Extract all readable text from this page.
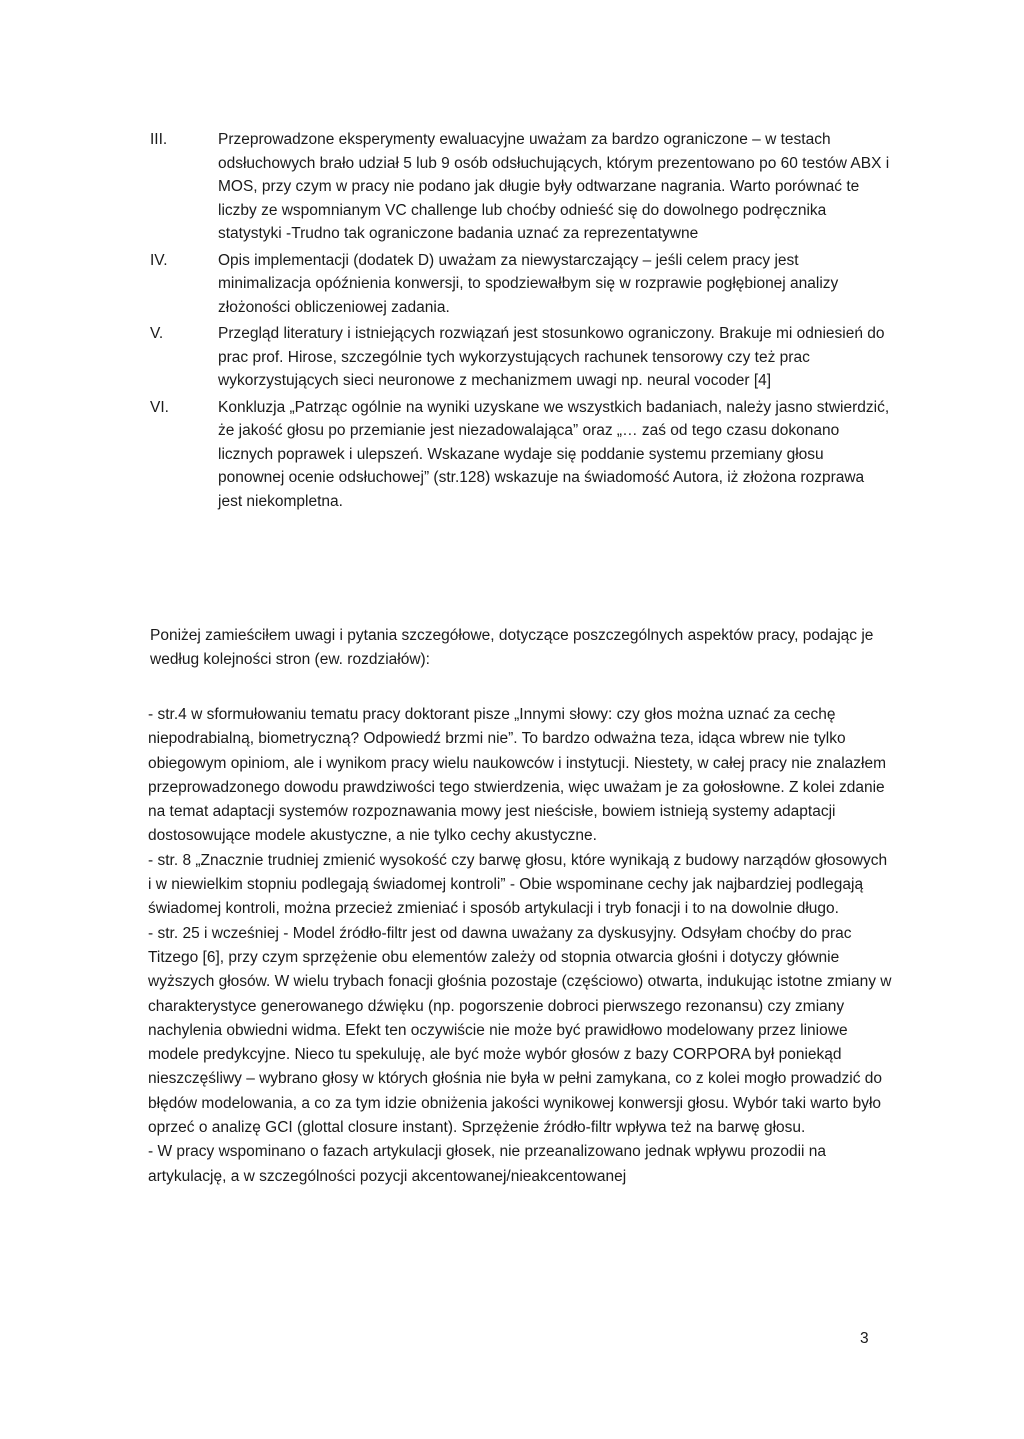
III.	Przeprowadzone eksperymenty ewaluacyjne uważam za bardzo ograniczone – w testach odsłuchowych brało udział 5 lub 9 osób odsłuchujących, którym prezentowano po 60 testów ABX i MOS, przy czym w pracy nie podano jak długie były odtwarzane nagrania. Warto porównać te liczby ze wspomnianym VC challenge lub choćby odnieść się do dowolnego podręcznika statystyki -Trudno tak ograniczone badania uznać za reprezentatywne
IV.	Opis implementacji (dodatek D) uważam za niewystarczający – jeśli celem pracy jest minimalizacja opóźnienia konwersji, to spodziewałbym się w rozprawie pogłębionej analizy złożoności obliczeniowej zadania.
V.	Przegląd literatury i istniejących rozwiązań jest stosunkowo ograniczony. Brakuje mi odniesień do prac prof. Hirose, szczególnie tych wykorzystujących rachunek tensorowy czy też prac wykorzystujących sieci neuronowe z mechanizmem uwagi np. neural vocoder [4]
VI.	Konkluzja „Patrząc ogólnie na wyniki uzyskane we wszystkich badaniach, należy jasno stwierdzić, że jakość głosu po przemianie jest niezadowalająca” oraz „… zaś od tego czasu dokonano licznych poprawek i ulepszeń. Wskazane wydaje się poddanie systemu przemiany głosu ponownej ocenie odsłuchowej” (str.128) wskazuje na świadomość Autora, iż złożona rozprawa jest niekompletna.

Poniżej zamieściłem uwagi i pytania szczegółowe, dotyczące poszczególnych aspektów pracy, podając je według kolejności stron (ew. rozdziałów):

- str.4 w sformułowaniu tematu pracy doktorant pisze „Innymi słowy: czy głos można uznać za cechę niepodrabialną, biometryczną? Odpowiedź brzmi nie”. To bardzo odważna teza, idąca wbrew nie tylko obiegowym opiniom, ale i wynikom pracy wielu naukowców i instytucji. Niestety, w całej pracy nie znalazłem przeprowadzonego dowodu prawdziwości tego stwierdzenia, więc uważam je za gołosłowne. Z kolei zdanie na temat adaptacji systemów rozpoznawania mowy jest nieścisłe, bowiem istnieją systemy adaptacji dostosowujące modele akustyczne, a nie tylko cechy akustyczne.

- str. 8 „Znacznie trudniej zmienić wysokość czy barwę głosu, które wynikają z budowy narządów głosowych i w niewielkim stopniu podlegają świadomej kontroli” - Obie wspominane cechy jak najbardziej podlegają świadomej kontroli, można przecież zmieniać i sposób artykulacji i tryb fonacji i to na dowolnie długo.

- str. 25 i wcześniej - Model źródło-filtr jest od dawna uważany za dyskusyjny. Odsyłam choćby do prac Titzego [6], przy czym sprzężenie obu elementów zależy od stopnia otwarcia głośni i dotyczy głównie wyższych głosów. W wielu trybach fonacji głośnia pozostaje (częściowo) otwarta, indukując istotne zmiany w charakterystyce generowanego dźwięku (np. pogorszenie dobroci pierwszego rezonansu) czy zmiany nachylenia obwiedni widma. Efekt ten oczywiście nie może być prawidłowo modelowany przez liniowe modele predykcyjne. Nieco tu spekuluję, ale być może wybór głosów z bazy CORPORA był poniekąd nieszczęśliwy – wybrano głosy w których głośnia nie była w pełni zamykana, co z kolei mogło prowadzić do błędów modelowania, a co za tym idzie obniżenia jakości wynikowej konwersji głosu. Wybór taki warto było oprzeć o analizę GCI (glottal closure instant). Sprzężenie źródło-filtr wpływa też na barwę głosu.

- W pracy wspominano o fazach artykulacji głosek, nie przeanalizowano jednak wpływu prozodii na artykulację, a w szczególności pozycji akcentowanej/nieakcentowanej

3
